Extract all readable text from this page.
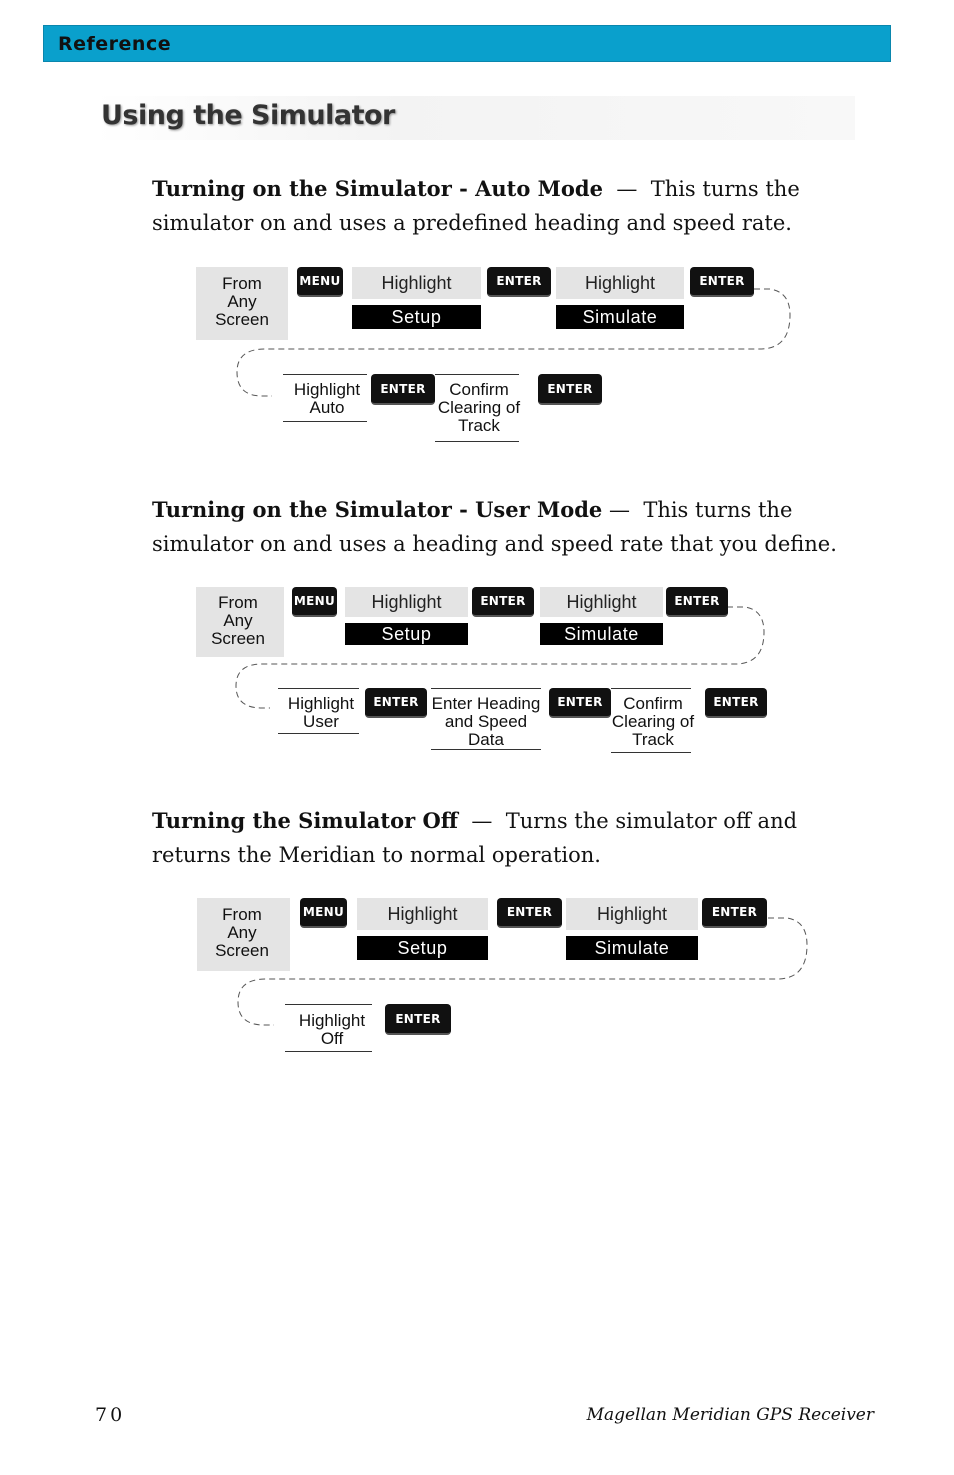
Reference
Using the Simulator
Turning on the Simulator - Auto Mode — This turns the simulator on and uses a predefined heading and speed rate.
From
Any
Screen
MENU	Highlight
Setup
ENTER	Highlight
Simulate
ENTER
Highlight
Auto
ENTER	Confirm
Clearing of
Track
ENTER
Turning on the Simulator - User Mode — This turns the simulator on and uses a heading and speed rate that you define.
From
Any
Screen
MENU	Highlight
Setup
ENTER	Highlight
Simulate
ENTER
Highlight
User
ENTER Enter Heading
and Speed
Data
ENTER	Confirm
Clearing of
Track
ENTER
Turning the Simulator Off — Turns the simulator off and returns the Meridian to normal operation.
From
Any
Screen
MENU	Highlight
Setup
ENTER	Highlight
Simulate
ENTER
Highlight
Off
ENTER
70	Magellan Meridian GPS Receiver
